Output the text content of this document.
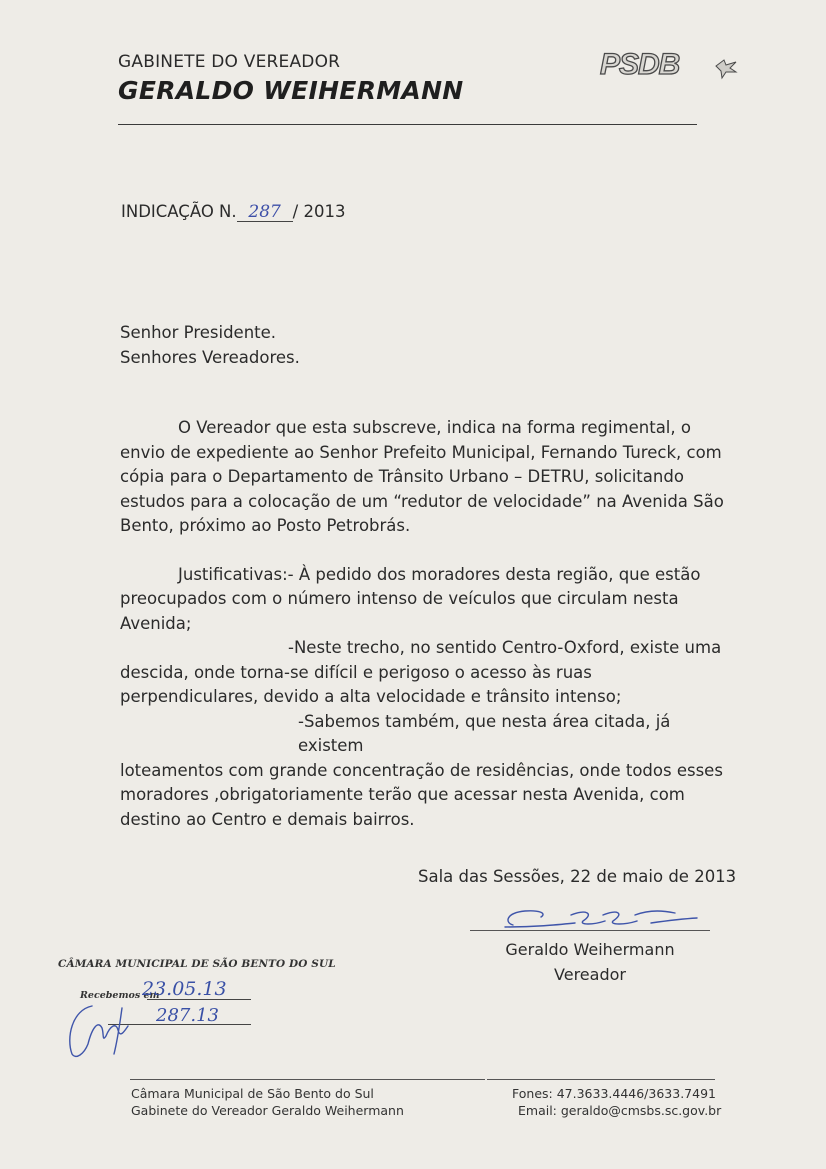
GABINETE DO VEREADOR
GERALDO WEIHERMANN
PSDB
INDICAÇÃO N. 287 / 2013
Senhor Presidente.
Senhores Vereadores.

O Vereador que esta subscreve, indica na forma regimental, o envio de expediente ao Senhor Prefeito Municipal, Fernando Tureck, com cópia para o Departamento de Trânsito Urbano – DETRU, solicitando estudos para a colocação de um “redutor de velocidade” na Avenida São Bento, próximo ao Posto Petrobrás.

Justificativas:- À pedido dos moradores desta região, que estão preocupados com o número intenso de veículos que circulam nesta Avenida;

-Neste trecho, no sentido Centro-Oxford, existe uma

descida, onde torna-se difícil e perigoso o acesso às ruas perpendiculares, devido a alta velocidade e trânsito intenso;

-Sabemos também, que nesta área citada, já existem

loteamentos com grande concentração de residências, onde todos esses moradores ,obrigatoriamente terão que acessar nesta Avenida, com destino ao Centro e demais bairros.

Sala das Sessões, 22 de maio de 2013
Geraldo Weihermann
Vereador
CÂMARA MUNICIPAL DE SÃO BENTO DO SUL
Recebemos em
23.05.13
287.13
Câmara Municipal de São Bento do Sul
Gabinete do Vereador Geraldo Weihermann
Fones: 47.3633.4446/3633.7491
Email: geraldo@cmsbs.sc.gov.br
